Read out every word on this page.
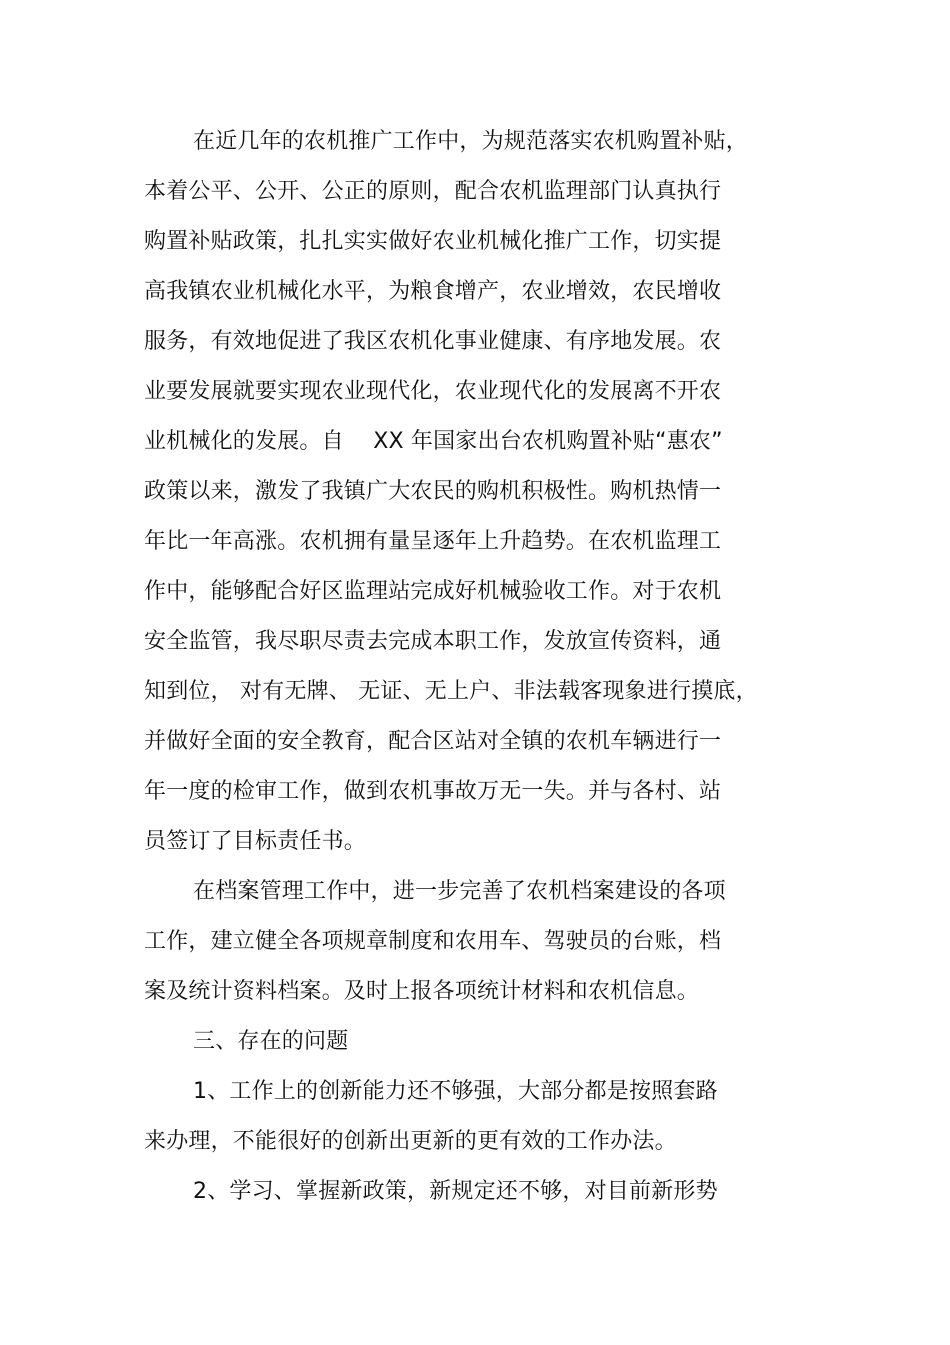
在近几年的农机推广工作中，为规范落实农机购置补贴，
本着公平、公开、公正的原则，配合农机监理部门认真执行
购置补贴政策，扎扎实实做好农业机械化推广工作，切实提
高我镇农业机械化水平，为粮食增产，农业增效，农民增收
服务，有效地促进了我区农机化事业健康、有序地发展。农
业要发展就要实现农业现代化，农业现代化的发展离不开农
业机械化的发展。自　 XX 年国家出台农机购置补贴“惠农”
政策以来，激发了我镇广大农民的购机积极性。购机热情一
年比一年高涨。农机拥有量呈逐年上升趋势。在农机监理工
作中，能够配合好区监理站完成好机械验收工作。对于农机
安全监管，我尽职尽责去完成本职工作，发放宣传资料，通
知到位， 对有无牌、 无证、无上户、非法载客现象进行摸底，
并做好全面的安全教育，配合区站对全镇的农机车辆进行一
年一度的检审工作，做到农机事故万无一失。并与各村、站
员签订了目标责任书。
在档案管理工作中，进一步完善了农机档案建设的各项
工作，建立健全各项规章制度和农用车、驾驶员的台账，档
案及统计资料档案。及时上报各项统计材料和农机信息。
三、存在的问题
1、工作上的创新能力还不够强，大部分都是按照套路
来办理，不能很好的创新出更新的更有效的工作办法。
2、学习、掌握新政策，新规定还不够，对目前新形势
